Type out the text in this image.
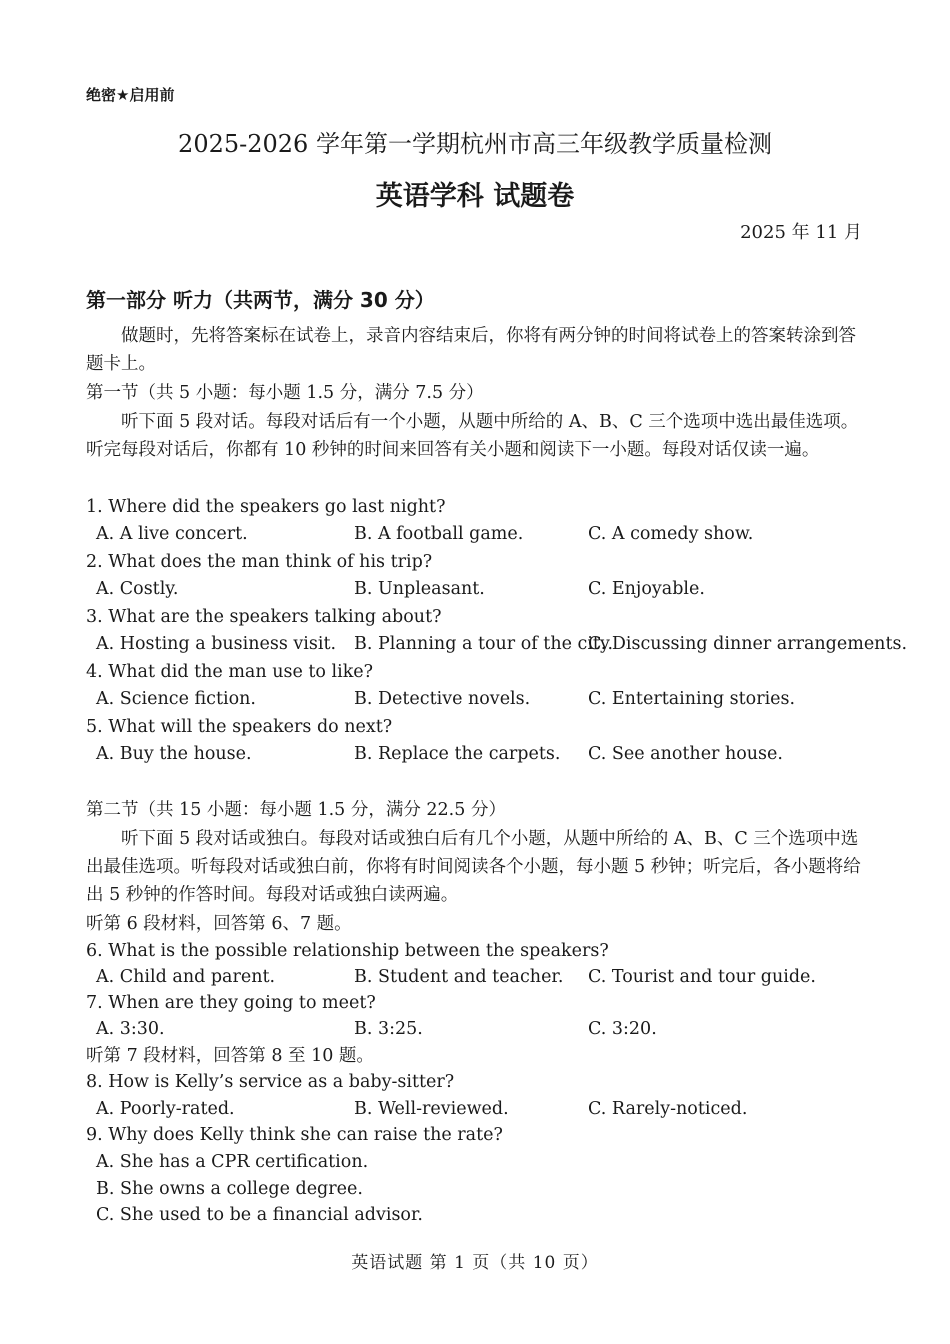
绝密★启用前
2025-2026 学年第一学期杭州市高三年级教学质量检测
英语学科 试题卷
2025 年 11 月
第一部分 听力（共两节，满分 30 分）
做题时，先将答案标在试卷上，录音内容结束后，你将有两分钟的时间将试卷上的答案转涂到答题卡上。
第一节（共 5 小题：每小题 1.5 分，满分 7.5 分）
听下面 5 段对话。每段对话后有一个小题，从题中所给的 A、B、C 三个选项中选出最佳选项。听完每段对话后，你都有 10 秒钟的时间来回答有关小题和阅读下一小题。每段对话仅读一遍。
1. Where did the speakers go last night?
A. A live concert.	B. A football game.	C. A comedy show.
2. What does the man think of his trip?
A. Costly.	B. Unpleasant.	C. Enjoyable.
3. What are the speakers talking about?
A. Hosting a business visit. B. Planning a tour of the city.
C. Discussing dinner arrangements.
4. What did the man use to like?
A. Science fiction.	B. Detective novels.	C. Entertaining stories.
5. What will the speakers do next?
A. Buy the house.	B. Replace the carpets. C. See another house.
第二节（共 15 小题：每小题 1.5 分，满分 22.5 分）
听下面 5 段对话或独白。每段对话或独白后有几个小题，从题中所给的 A、B、C 三个选项中选出最佳选项。听每段对话或独白前，你将有时间阅读各个小题，每小题 5 秒钟；听完后，各小题将给出 5 秒钟的作答时间。每段对话或独白读两遍。
听第 6 段材料，回答第 6、7 题。
6. What is the possible relationship between the speakers?
A. Child and parent.	B. Student and teacher. C. Tourist and tour guide.
7. When are they going to meet?
A. 3:30.	B. 3:25.	C. 3:20.
听第 7 段材料，回答第 8 至 10 题。
8. How is Kelly’s service as a baby-sitter?
A. Poorly-rated.	B. Well-reviewed.	C. Rarely-noticed.
9. Why does Kelly think she can raise the rate?
A. She has a CPR certification.
B. She owns a college degree.
C. She used to be a financial advisor.
英语试题 第 1 页（共 10 页）
